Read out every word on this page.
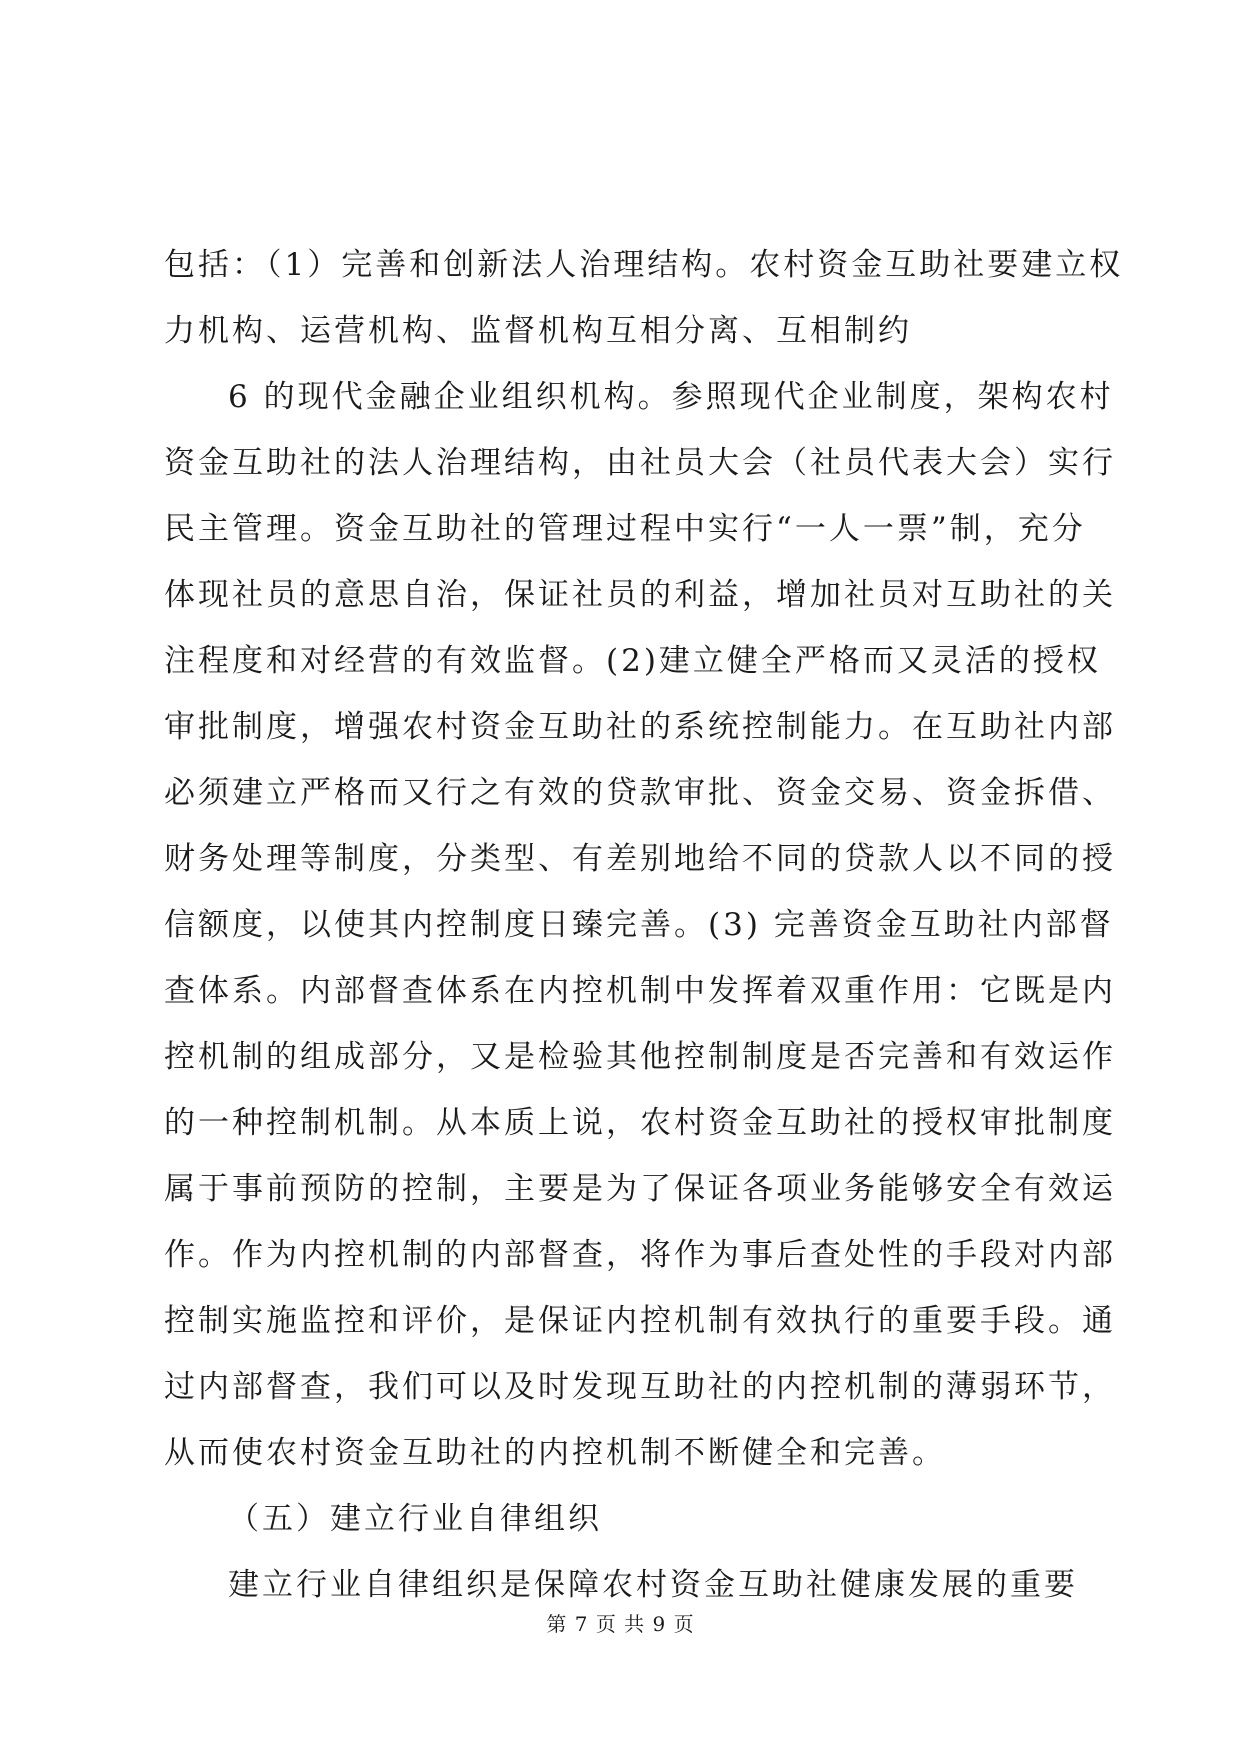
包括：（1）完善和创新法人治理结构。农村资金互助社要建立权
力机构、运营机构、监督机构互相分离、互相制约
6 的现代金融企业组织机构。参照现代企业制度，架构农村
资金互助社的法人治理结构，由社员大会（社员代表大会）实行
民主管理。资金互助社的管理过程中实行“一人一票”制，充分
体现社员的意思自治，保证社员的利益，增加社员对互助社的关
注程度和对经营的有效监督。(2)建立健全严格而又灵活的授权
审批制度，增强农村资金互助社的系统控制能力。在互助社内部
必须建立严格而又行之有效的贷款审批、资金交易、资金拆借、
财务处理等制度，分类型、有差别地给不同的贷款人以不同的授
信额度，以使其内控制度日臻完善。(3) 完善资金互助社内部督
查体系。内部督查体系在内控机制中发挥着双重作用：它既是内
控机制的组成部分，又是检验其他控制制度是否完善和有效运作
的一种控制机制。从本质上说，农村资金互助社的授权审批制度
属于事前预防的控制，主要是为了保证各项业务能够安全有效运
作。作为内控机制的内部督查，将作为事后查处性的手段对内部
控制实施监控和评价，是保证内控机制有效执行的重要手段。通
过内部督查，我们可以及时发现互助社的内控机制的薄弱环节，
从而使农村资金互助社的内控机制不断健全和完善。
（五）建立行业自律组织
建立行业自律组织是保障农村资金互助社健康发展的重要
第 7 页 共 9 页
